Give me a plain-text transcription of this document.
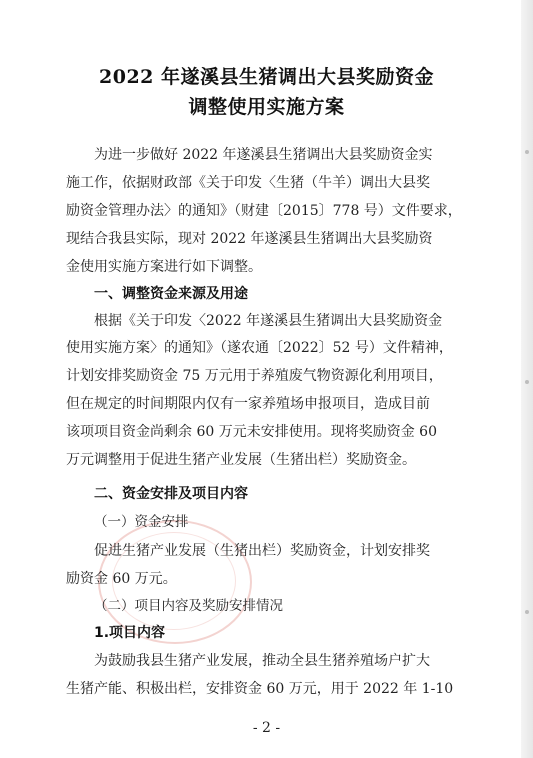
2022 年遂溪县生猪调出大县奖励资金
调整使用实施方案
为进一步做好 2022 年遂溪县生猪调出大县奖励资金实
施工作，依据财政部《关于印发〈生猪（牛羊）调出大县奖
励资金管理办法〉的通知》（财建〔2015〕778 号）文件要求，
现结合我县实际，现对 2022 年遂溪县生猪调出大县奖励资
金使用实施方案进行如下调整。
一、调整资金来源及用途
根据《关于印发〈2022 年遂溪县生猪调出大县奖励资金
使用实施方案〉的通知》（遂农通〔2022〕52 号）文件精神，
计划安排奖励资金 75 万元用于养殖废气物资源化利用项目，
但在规定的时间期限内仅有一家养殖场申报项目，造成目前
该项项目资金尚剩余 60 万元未安排使用。现将奖励资金 60
万元调整用于促进生猪产业发展（生猪出栏）奖励资金。
二、资金安排及项目内容
（一）资金安排
促进生猪产业发展（生猪出栏）奖励资金，计划安排奖
励资金 60 万元。
（二）项目内容及奖励安排情况
1.项目内容
为鼓励我县生猪产业发展，推动全县生猪养殖场户扩大
生猪产能、积极出栏，安排资金 60 万元，用于 2022 年 1-10
- 2 -
